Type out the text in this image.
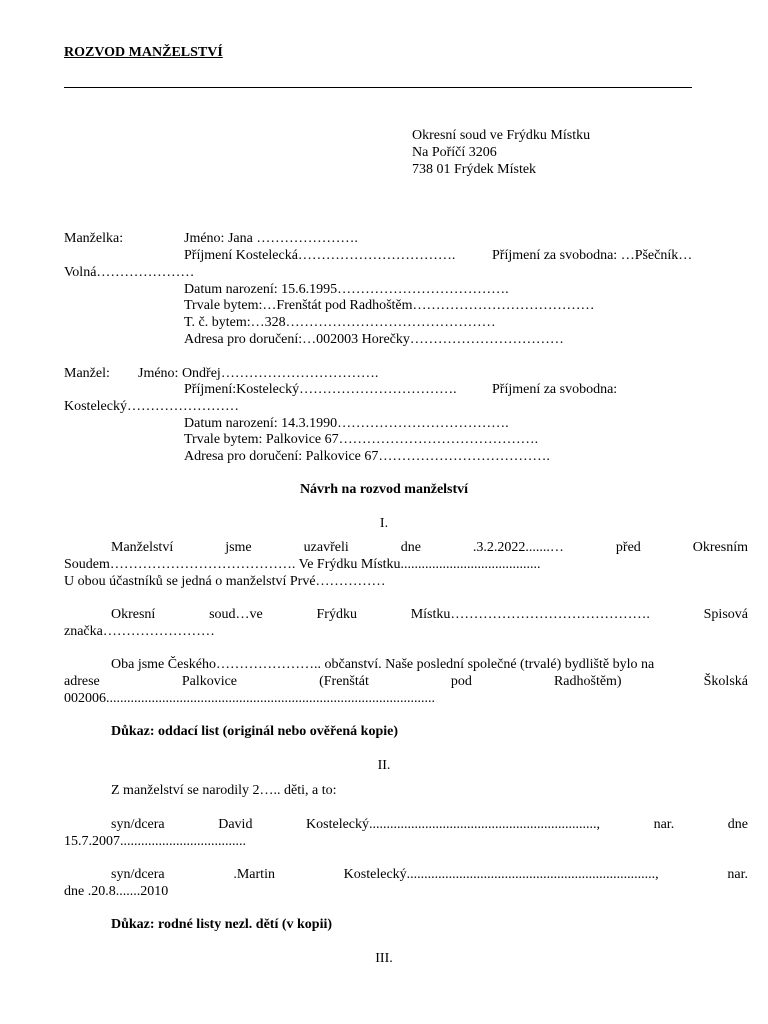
ROZVOD MANŽELSTVÍ
Okresní soud ve Frýdku Místku
Na Poříčí 3206
738 01 Frýdek Místek
Manželka:	Jméno: Jana ………………….
Příjmení Kostelecká…………………………….	Příjmení za svobodna: …Pšečník…
Volná…………………
Datum narození: 15.6.1995……………………………….
Trvale bytem:…Frenštát pod Radhoštěm…………………………………
T. č. bytem:…328………………………………………
Adresa pro doručení:…002003 Horečky……………………………
Manžel: Jméno: Ondřej…………………………….
Příjmení:Kostelecký…………………………….	Příjmení za svobodna:
Kostelecký……………………
Datum narození: 14.3.1990……………………………….
Trvale bytem: Palkovice 67…………………………………….
Adresa pro doručení: Palkovice 67……………………………….
Návrh na rozvod manželství
I.
Manželství	jsme	uzavřeli	dne	.3.2.2022.......…	před	Okresním
Soudem…………………………………. Ve Frýdku Místku........................................
U obou účastníků se jedná o manželství Prvé……………
Okresní	soud…ve	Frýdku	Místku…………………………………….	Spisová
značka……………………
Oba jsme Českého………………….. občanství. Naše poslední společné (trvalé) bydliště bylo na
adrese	Palkovice	(Frenštát	pod	Radhoštěm)	Školská
002006..............................................................................................
Důkaz: oddací list (originál nebo ověřená kopie)
II.
Z manželství se narodily 2….. děti, a to:
syn/dcera	David	Kostelecký.................................................................,	nar.	dne
15.7.2007....................................
syn/dcera	.Martin	Kostelecký.......................................................................,	nar.
dne .20.8.......2010
Důkaz: rodné listy nezl. dětí (v kopii)
III.
